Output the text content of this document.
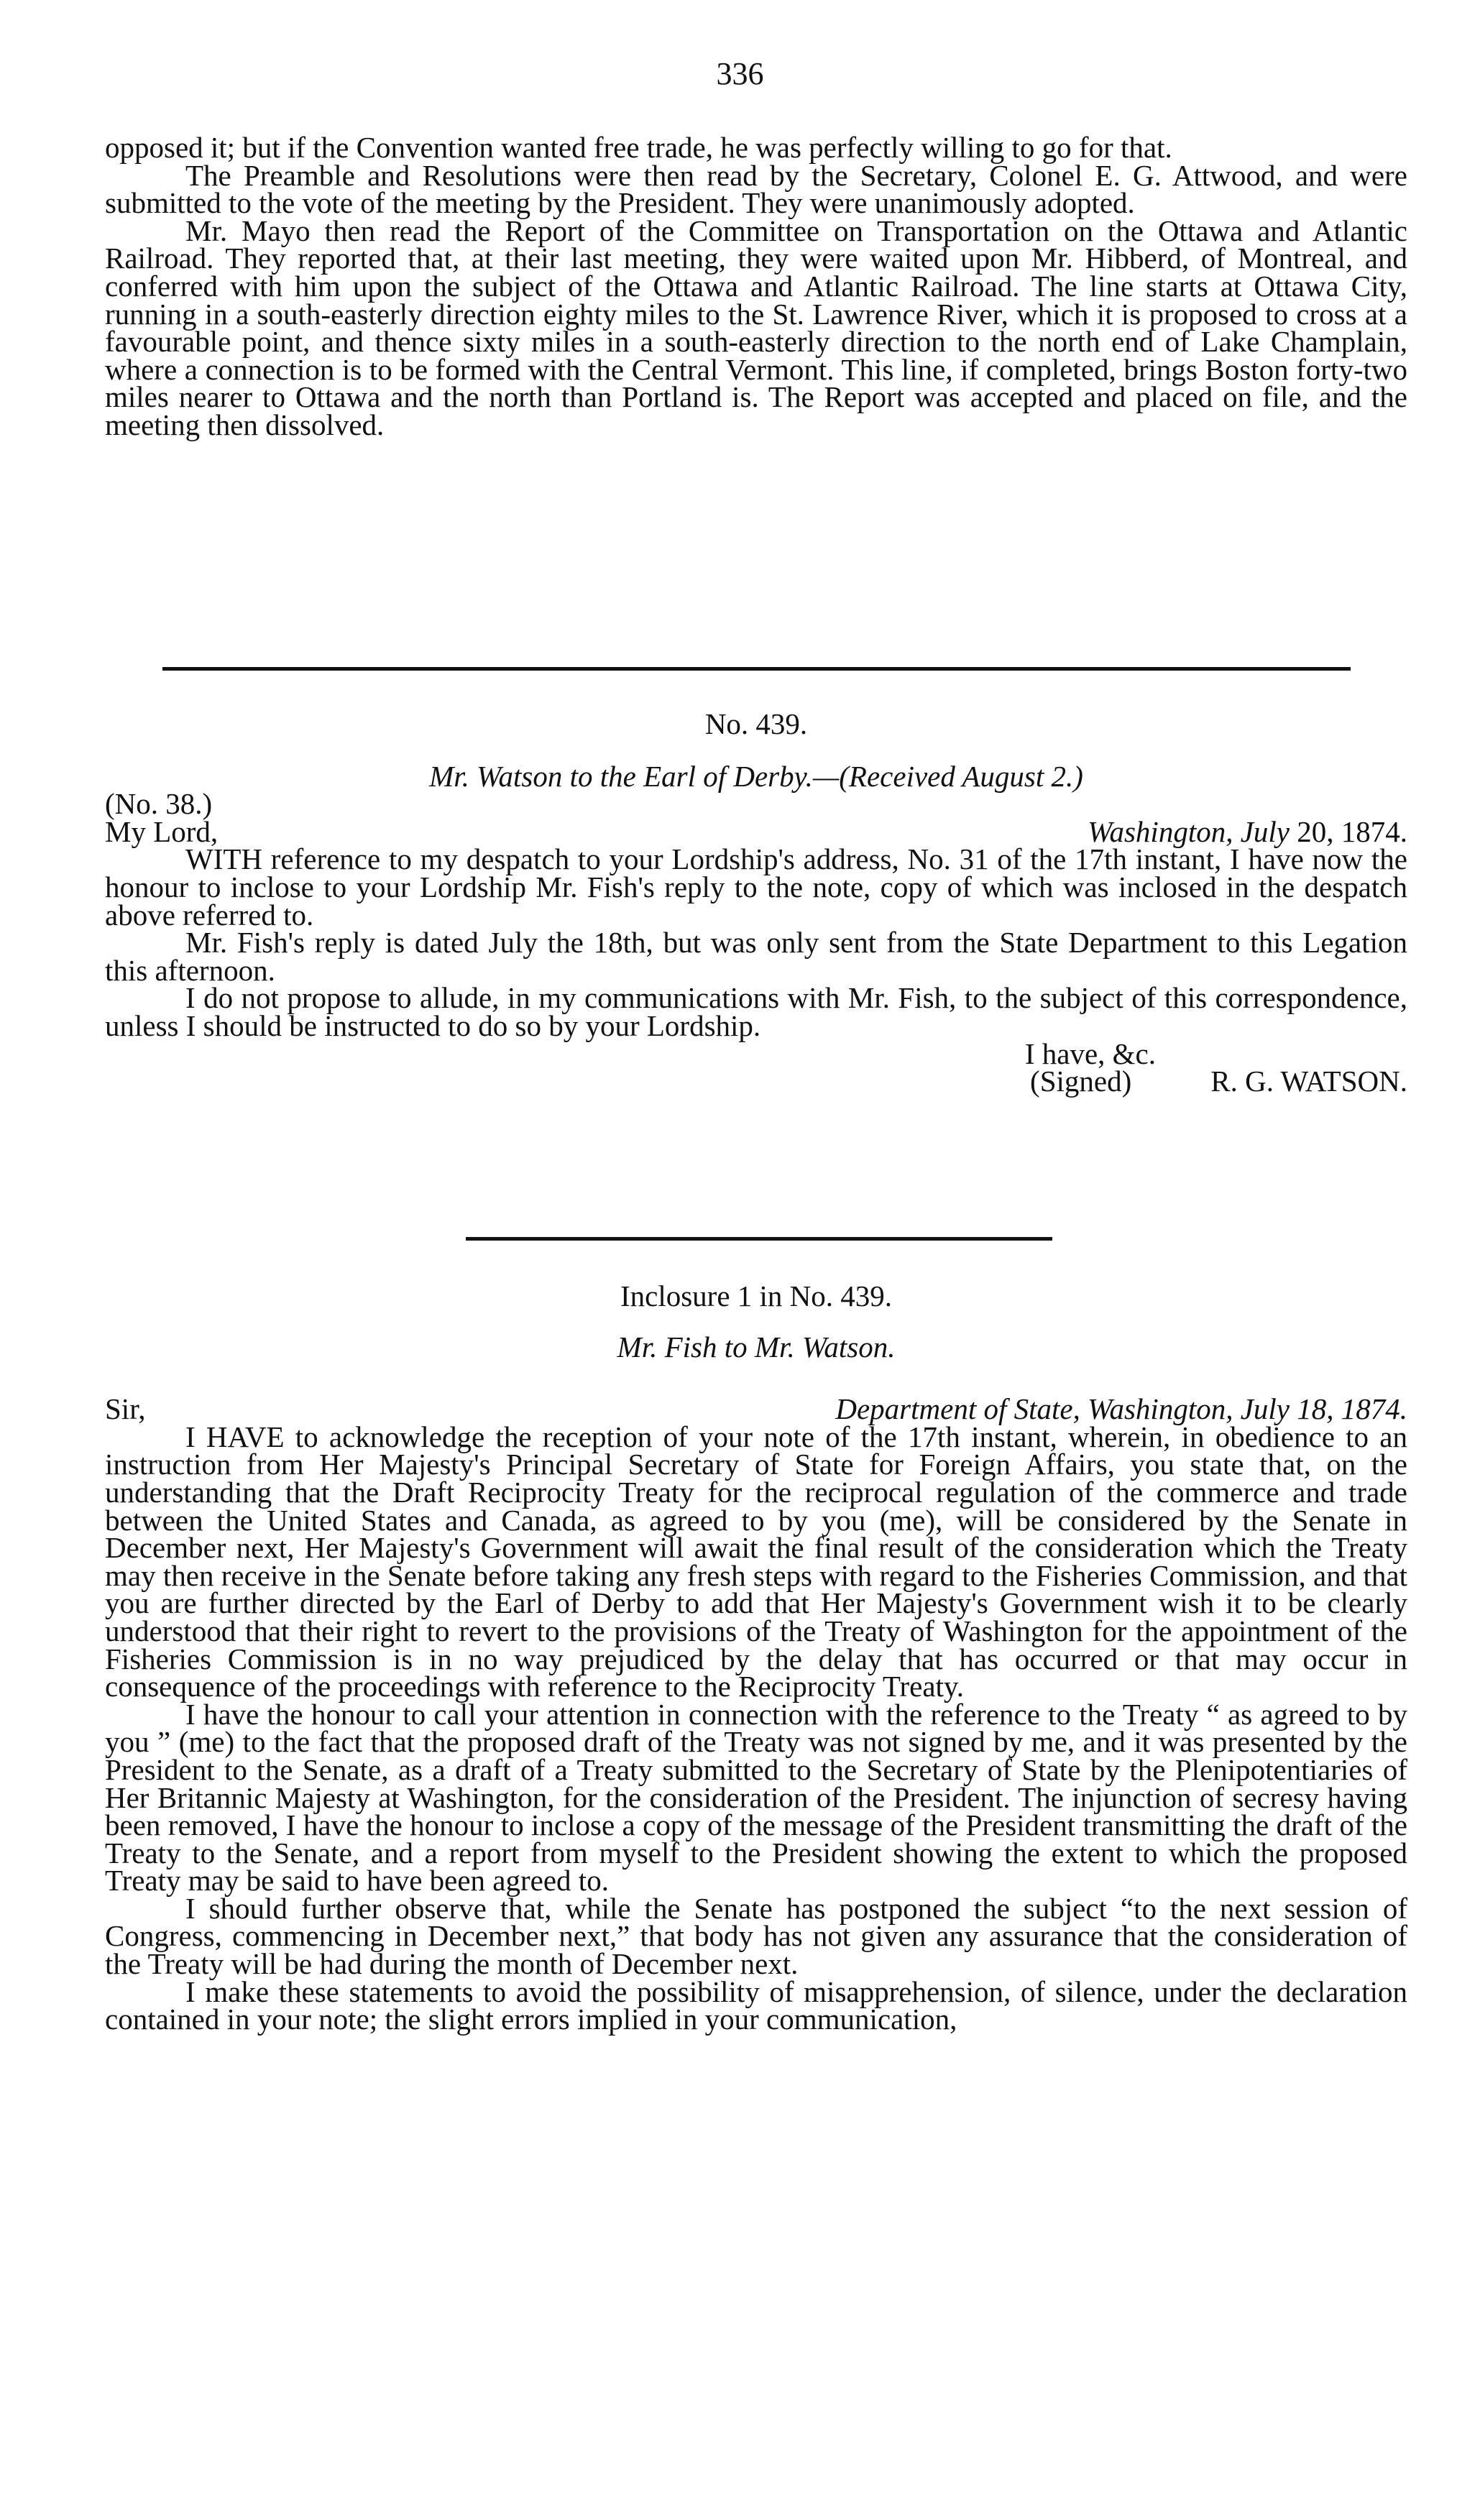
336

opposed it; but if the Convention wanted free trade, he was perfectly willing to go for that.

The Preamble and Resolutions were then read by the Secretary, Colonel E. G. Attwood, and were submitted to the vote of the meeting by the President. They were unanimously adopted.

Mr. Mayo then read the Report of the Committee on Transportation on the Ottawa and Atlantic Railroad. They reported that, at their last meeting, they were waited upon Mr. Hibberd, of Montreal, and conferred with him upon the subject of the Ottawa and Atlantic Railroad. The line starts at Ottawa City, running in a south-easterly direction eighty miles to the St. Lawrence River, which it is proposed to cross at a favourable point, and thence sixty miles in a south-easterly direction to the north end of Lake Champlain, where a connection is to be formed with the Central Vermont. This line, if completed, brings Boston forty-two miles nearer to Ottawa and the north than Portland is. The Report was accepted and placed on file, and the meeting then dissolved.

No. 439.

Mr. Watson to the Earl of Derby.—(Received August 2.)

(No. 38.)

My Lord,	Washington, July 20, 1874.

WITH reference to my despatch to your Lordship's address, No. 31 of the 17th instant, I have now the honour to inclose to your Lordship Mr. Fish's reply to the note, copy of which was inclosed in the despatch above referred to.

Mr. Fish's reply is dated July the 18th, but was only sent from the State Department to this Legation this afternoon.

I do not propose to allude, in my communications with Mr. Fish, to the subject of this correspondence, unless I should be instructed to do so by your Lordship.

I have, &c.

(Signed)	R. G. WATSON.

Inclosure 1 in No. 439.

Mr. Fish to Mr. Watson.

Sir,	Department of State, Washington, July 18, 1874.

I HAVE to acknowledge the reception of your note of the 17th instant, wherein, in obedience to an instruction from Her Majesty's Principal Secretary of State for Foreign Affairs, you state that, on the understanding that the Draft Reciprocity Treaty for the reciprocal regulation of the commerce and trade between the United States and Canada, as agreed to by you (me), will be considered by the Senate in December next, Her Majesty's Government will await the final result of the consideration which the Treaty may then receive in the Senate before taking any fresh steps with regard to the Fisheries Commission, and that you are further directed by the Earl of Derby to add that Her Majesty's Government wish it to be clearly understood that their right to revert to the provisions of the Treaty of Washington for the appointment of the Fisheries Commission is in no way prejudiced by the delay that has occurred or that may occur in consequence of the proceedings with reference to the Reciprocity Treaty.

I have the honour to call your attention in connection with the reference to the Treaty “ as agreed to by you ” (me) to the fact that the proposed draft of the Treaty was not signed by me, and it was presented by the President to the Senate, as a draft of a Treaty submitted to the Secretary of State by the Plenipotentiaries of Her Britannic Majesty at Washington, for the consideration of the President. The injunction of secresy having been removed, I have the honour to inclose a copy of the message of the President transmitting the draft of the Treaty to the Senate, and a report from myself to the President showing the extent to which the proposed Treaty may be said to have been agreed to.

I should further observe that, while the Senate has postponed the subject “to the next session of Congress, commencing in December next,” that body has not given any assurance that the consideration of the Treaty will be had during the month of December next.

I make these statements to avoid the possibility of misapprehension, of silence, under the declaration contained in your note; the slight errors implied in your communication,
